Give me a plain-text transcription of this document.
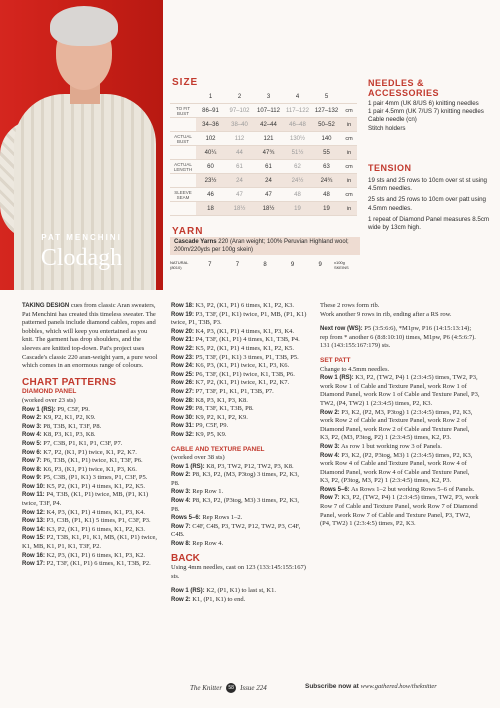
PAT MENCHINI
Clodagh
SIZE
	1	2	3	4	5	
TO FIT BUST	86–91	97–102	107–112	117–122	127–132	cm
	34–36	38–40	42–44	46–48	50–52	in
ACTUAL BUST	102	112	121	130½	140	cm
	40¼	44	47¾	51½	55	in
ACTUAL LENGTH	60	61	61	62	63	cm
	23½	24	24	24½	24¾	in
SLEEVE SEAM	46	47	47	48	48	cm
	18	18½	18½	19	19	in
YARN
Cascade Yarns 220 (Aran weight; 100% Peruvian Highland wool; 200m/220yds per 100g skein)
NATURAL (8010)	7	7	8	9	9	x100g SKEINS
NEEDLES & ACCESSORIES
1 pair 4mm (UK 8/US 6) knitting needles
1 pair 4.5mm (UK 7/US 7) knitting needles
Cable needle (cn)
Stitch holders
TENSION

19 sts and 25 rows to 10cm over st st using 4.5mm needles.

25 sts and 25 rows to 10cm over patt using 4.5mm needles.

1 repeat of Diamond Panel measures 8.5cm wide by 13cm high.

TAKING DESIGN cues from classic Aran sweaters, Pat Menchini has created this timeless sweater. The patterned panels include diamond cables, ropes and bobbles, which will keep you entertained as you knit. The garment has drop shoulders, and the sleeves are knitted top-down. Pat's project uses Cascade's classic 220 aran-weight yarn, a pure wool which comes in an enormous range of colours.

CHART PATTERNS
DIAMOND PANEL

(worked over 23 sts)

Row 1 (RS): P9, C5F, P9.

Row 2: K9, P2, K1, P2, K9.

Row 3: P8, T3B, K1, T3F, P8.

Row 4: K8, P3, K1, P3, K8.

Row 5: P7, C3B, P1, K1, P1, C3F, P7.

Row 6: K7, P2, (K1, P1) twice, K1, P2, K7.

Row 7: P6, T3B, (K1, P1) twice, K1, T3F, P6.

Row 8: K6, P3, (K1, P1) twice, K1, P3, K6.

Row 9: P5, C3B, (P1, K1) 3 times, P1, C3F, P5.

Row 10: K5, P2, (K1, P1) 4 times, K1, P2, K5.

Row 11: P4, T3B, (K1, P1) twice, MB, (P1, K1) twice, T3F, P4.

Row 12: K4, P3, (K1, P1) 4 times, K1, P3, K4.

Row 13: P3, C3B, (P1, K1) 5 times, P1, C3F, P3.

Row 14: K3, P2, (K1, P1) 6 times, K1, P2, K3.

Row 15: P2, T3B, K1, P1, K1, MB, (K1, P1) twice, K1, MB, K1, P1, K1, T3F, P2.

Row 16: K2, P3, (K1, P1) 6 times, K1, P3, K2.

Row 17: P2, T3F, (K1, P1) 6 times, K1, T3B, P2.

Row 18: K3, P2, (K1, P1) 6 times, K1, P2, K3.

Row 19: P3, T3F, (P1, K1) twice, P1, MB, (P1, K1) twice, P1, T3B, P3.

Row 20: K4, P3, (K1, P1) 4 times, K1, P3, K4.

Row 21: P4, T3F, (K1, P1) 4 times, K1, T3B, P4.

Row 22: K5, P2, (K1, P1) 4 times, K1, P2, K5.

Row 23: P5, T3F, (P1, K1) 3 times, P1, T3B, P5.

Row 24: K6, P3, (K1, P1) twice, K1, P3, K6.

Row 25: P6, T3F, (K1, P1) twice, K1, T3B, P6.

Row 26: K7, P2, (K1, P1) twice, K1, P2, K7.

Row 27: P7, T3F, P1, K1, P1, T3B, P7.

Row 28: K8, P3, K1, P3, K8.

Row 29: P8, T3F, K1, T3B, P8.

Row 30: K9, P2, K1, P2, K9.

Row 31: P9, C5F, P9.

Row 32: K9, P5, K9.

CABLE AND TEXTURE PANEL

(worked over 38 sts)

Row 1 (RS): K8, P3, TW2, P12, TW2, P3, K8.

Row 2: P8, K3, P2, (M3, P3tog) 3 times, P2, K3, P8.

Row 3: Rep Row 1.

Row 4: P8, K3, P2, (P3tog, M3) 3 times, P2, K3, P8.

Rows 5–6: Rep Rows 1–2.

Row 7: C4F, C4B, P3, TW2, P12, TW2, P3, C4F, C4B.

Row 8: Rep Row 4.

BACK

Using 4mm needles, cast on 123 (133:145:155:167) sts.

Row 1 (RS): K2, (P1, K1) to last st, K1.

Row 2: K1, (P1, K1) to end.

These 2 rows form rib.

Work another 9 rows in rib, ending after a RS row.

Next row (WS): P5 (3:5:6:6), *M1pw, P16 (14:15:13:14); rep from * another 6 (8:8:10:10) times, M1pw, P6 (4:5:6:7). 131 (143:155:167:179) sts.

SET PATT

Change to 4.5mm needles.

Row 1 (RS): K3, P2, (TW2, P4) 1 (2:3:4:5) times, TW2, P3, work Row 1 of Cable and Texture Panel, work Row 1 of Diamond Panel, work Row 1 of Cable and Texture Panel, P3, TW2, (P4, TW2) 1 (2:3:4:5) times, P2, K3.

Row 2: P3, K2, (P2, M3, P3tog) 1 (2:3:4:5) times, P2, K3, work Row 2 of Cable and Texture Panel, work Row 2 of Diamond Panel, work Row 2 of Cable and Texture Panel, K3, P2, (M3, P3tog, P2) 1 (2:3:4:5) times, K2, P3.

Row 3: As row 1 but working row 3 of Panels.

Row 4: P3, K2, (P2, P3tog, M3) 1 (2:3:4:5) times, P2, K3, work Row 4 of Cable and Texture Panel, work Row 4 of Diamond Panel, work Row 4 of Cable and Texture Panel, K3, P2, (P3tog, M3, P2) 1 (2:3:4:5) times, K2, P3.

Rows 5–6: As Rows 1–2 but working Rows 5–6 of Panels.

Row 7: K3, P2, (TW2, P4) 1 (2:3:4:5) times, TW2, P3, work Row 7 of Cable and Texture Panel, work Row 7 of Diamond Panel, work Row 7 of Cable and Texture Panel, P3, TW2, (P4, TW2) 1 (2:3:4:5) times, P2, K3.

The Knitter	58 Issue 224	Subscribe now at www.gathered.how/theknitter
